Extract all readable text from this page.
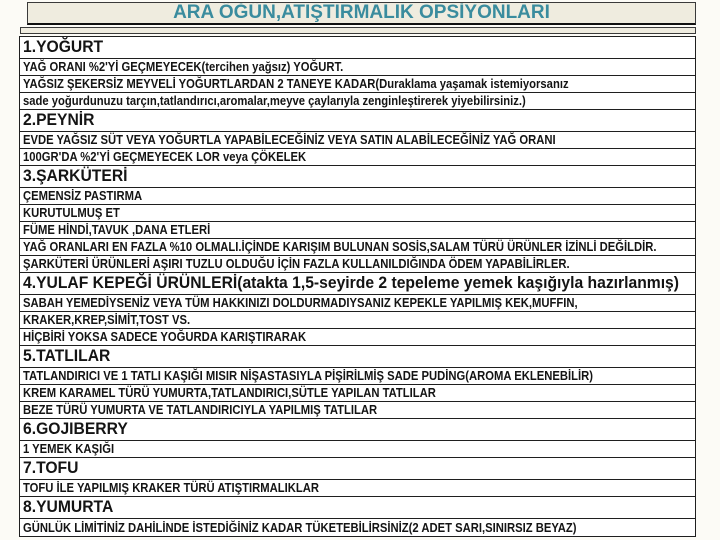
ARA ÖĞÜN,ATIŞTIRMALIK OPSİYONLARI
1.YOĞURT
YAĞ ORANI %2'Yİ GEÇMEYECEK(tercihen yağsız) YOĞURT.
YAĞSIZ ŞEKERSİZ MEYVELİ YOĞURTLARDAN 2 TANEYE KADAR(Duraklama yaşamak istemiyorsanız
sade yoğurdunuzu tarçın,tatlandırıcı,aromalar,meyve çaylarıyla zenginleştirerek yiyebilirsiniz.)
2.PEYNİR
EVDE YAĞSIZ SÜT VEYA YOĞURTLA YAPABİLECEĞİNİZ VEYA SATIN ALABİLECEĞİNİZ YAĞ ORANI
100GR'DA %2'Yİ GEÇMEYECEK LOR veya ÇÖKELEK
3.ŞARKÜTERİ
ÇEMENSİZ PASTIRMA
KURUTULMUŞ ET
FÜME HİNDİ,TAVUK ,DANA ETLERİ
YAĞ ORANLARI EN FAZLA %10 OLMALI.İÇİNDE KARIŞIM BULUNAN SOSİS,SALAM TÜRÜ ÜRÜNLER İZİNLİ DEĞİLDİR.
ŞARKÜTERİ ÜRÜNLERİ AŞIRI TUZLU OLDUĞU İÇİN FAZLA KULLANILDIĞINDA ÖDEM YAPABİLİRLER.
4.YULAF KEPEĞİ ÜRÜNLERİ(atakta 1,5-seyirde 2 tepeleme yemek kaşığıyla hazırlanmış)
SABAH YEMEDİYSENİZ VEYA TÜM HAKKINIZI DOLDURMADIYSANIZ KEPEKLE YAPILMIŞ KEK,MUFFIN,
KRAKER,KREP,SİMİT,TOST VS.
HİÇBİRİ YOKSA SADECE YOĞURDA KARIŞTIRARAK
5.TATLILAR
TATLANDIRICI VE 1 TATLI KAŞIĞI MISIR NİŞASTASIYLA PİŞİRİLMİŞ SADE PUDİNG(AROMA EKLENEBİLİR)
KREM KARAMEL TÜRÜ YUMURTA,TATLANDIRICI,SÜTLE YAPILAN TATLILAR
BEZE TÜRÜ YUMURTA VE TATLANDIRICIYLA YAPILMIŞ TATLILAR
6.GOJIBERRY
1 YEMEK KAŞIĞI
7.TOFU
TOFU İLE YAPILMIŞ KRAKER TÜRÜ ATIŞTIRMALIKLAR
8.YUMURTA
GÜNLÜK LİMİTİNİZ DAHİLİNDE İSTEDİĞİNİZ KADAR TÜKETEBİLİRSİNİZ(2 ADET SARI,SINIRSIZ BEYAZ)
